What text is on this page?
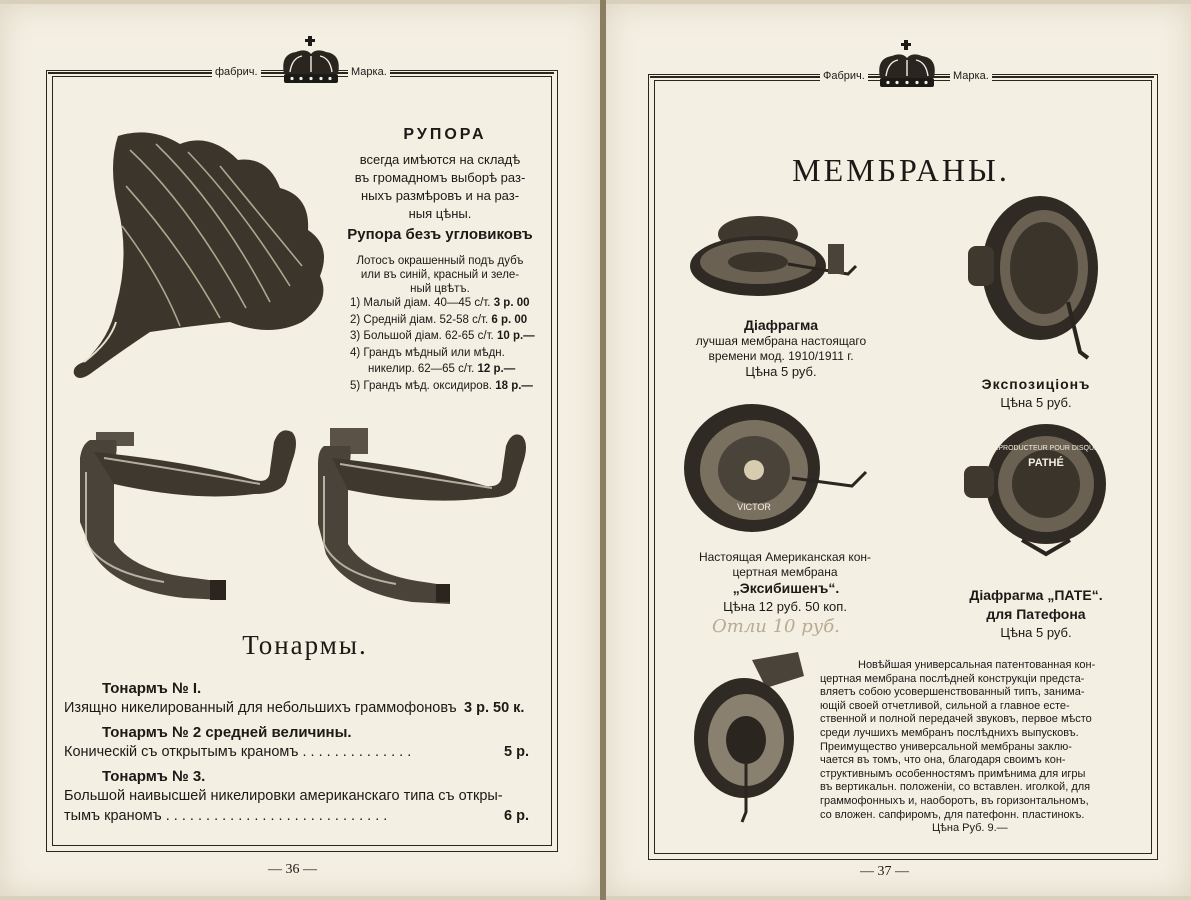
фабрич.	Марка.
РУПОРА
всегда имѣются на складѣ
въ громадномъ выборѣ раз-
ныхъ размѣровъ и на раз-
ныя цѣны.
Рупора безъ угловиковъ
Лотосъ окрашенный подъ дубъ
или въ синій, красный и зеле-
ный цвѣтъ.
1) Малый діам. 40—45 с/т. 3 р. 00
2) Средній діам. 52-58 с/т. 6 р. 00
3) Большой діам. 62-65 с/т. 10 р.—
4) Грандъ мѣдный или мѣдн.
никелир. 62—65 с/т. 12 р.—
5) Грандъ мѣд. оксидиров. 18 р.—
Тонармы.
Тонармъ № І.
Изящно никелированный для небольшихъ граммофоновъ 3 р. 50 к.
Тонармъ № 2 средней величины.
Коническій съ открытымъ краномъ . . . . . . . . . . . . . .	5 р.
Тонармъ № 3.
Большой наивысшей никелировки американскаго типа съ откры-
тымъ краномъ . . . . . . . . . . . . . . . . . . . . . . . . . . . .	6 р.
— 36 —
Фабрич.	Марка.
МЕМБРАНЫ.
Діафрагма
лучшая мембрана настоящаго
времени мод. 1910/1911 г.
Цѣна 5 руб.
Экспозиціонъ
Цѣна 5 руб.
VICTOR
Настоящая Американская кон-
цертная мембрана
„Эксибишенъ“.
Цѣна 12 руб. 50 коп.
Отли 10 руб.
REPRODUCTEUR POUR DISQUES
PATHÉ
Діафрагма „ПАТЕ“.
для Патефона
Цѣна 5 руб.
Новѣйшая универсальная патентованная кон-
цертная мембрана послѣдней конструкціи предста-
вляетъ собою усовершенствованный типъ, занима-
ющій своей отчетливой, сильной а главное есте-
ственной и полной передачей звуковъ, первое мѣсто
среди лучшихъ мембранъ послѣднихъ выпусковъ.
Преимущество универсальной мембраны заклю-
чается въ томъ, что она, благодаря своимъ кон-
структивнымъ особенностямъ примѣнима для игры
въ вертикальн. положеніи, со вставлен. иголкой, для
граммофонныхъ и, наоборотъ, въ горизонтальномъ,
со вложен. сапфиромъ, для патефонн. пластинокъ.
Цѣна Руб. 9.—
— 37 —
